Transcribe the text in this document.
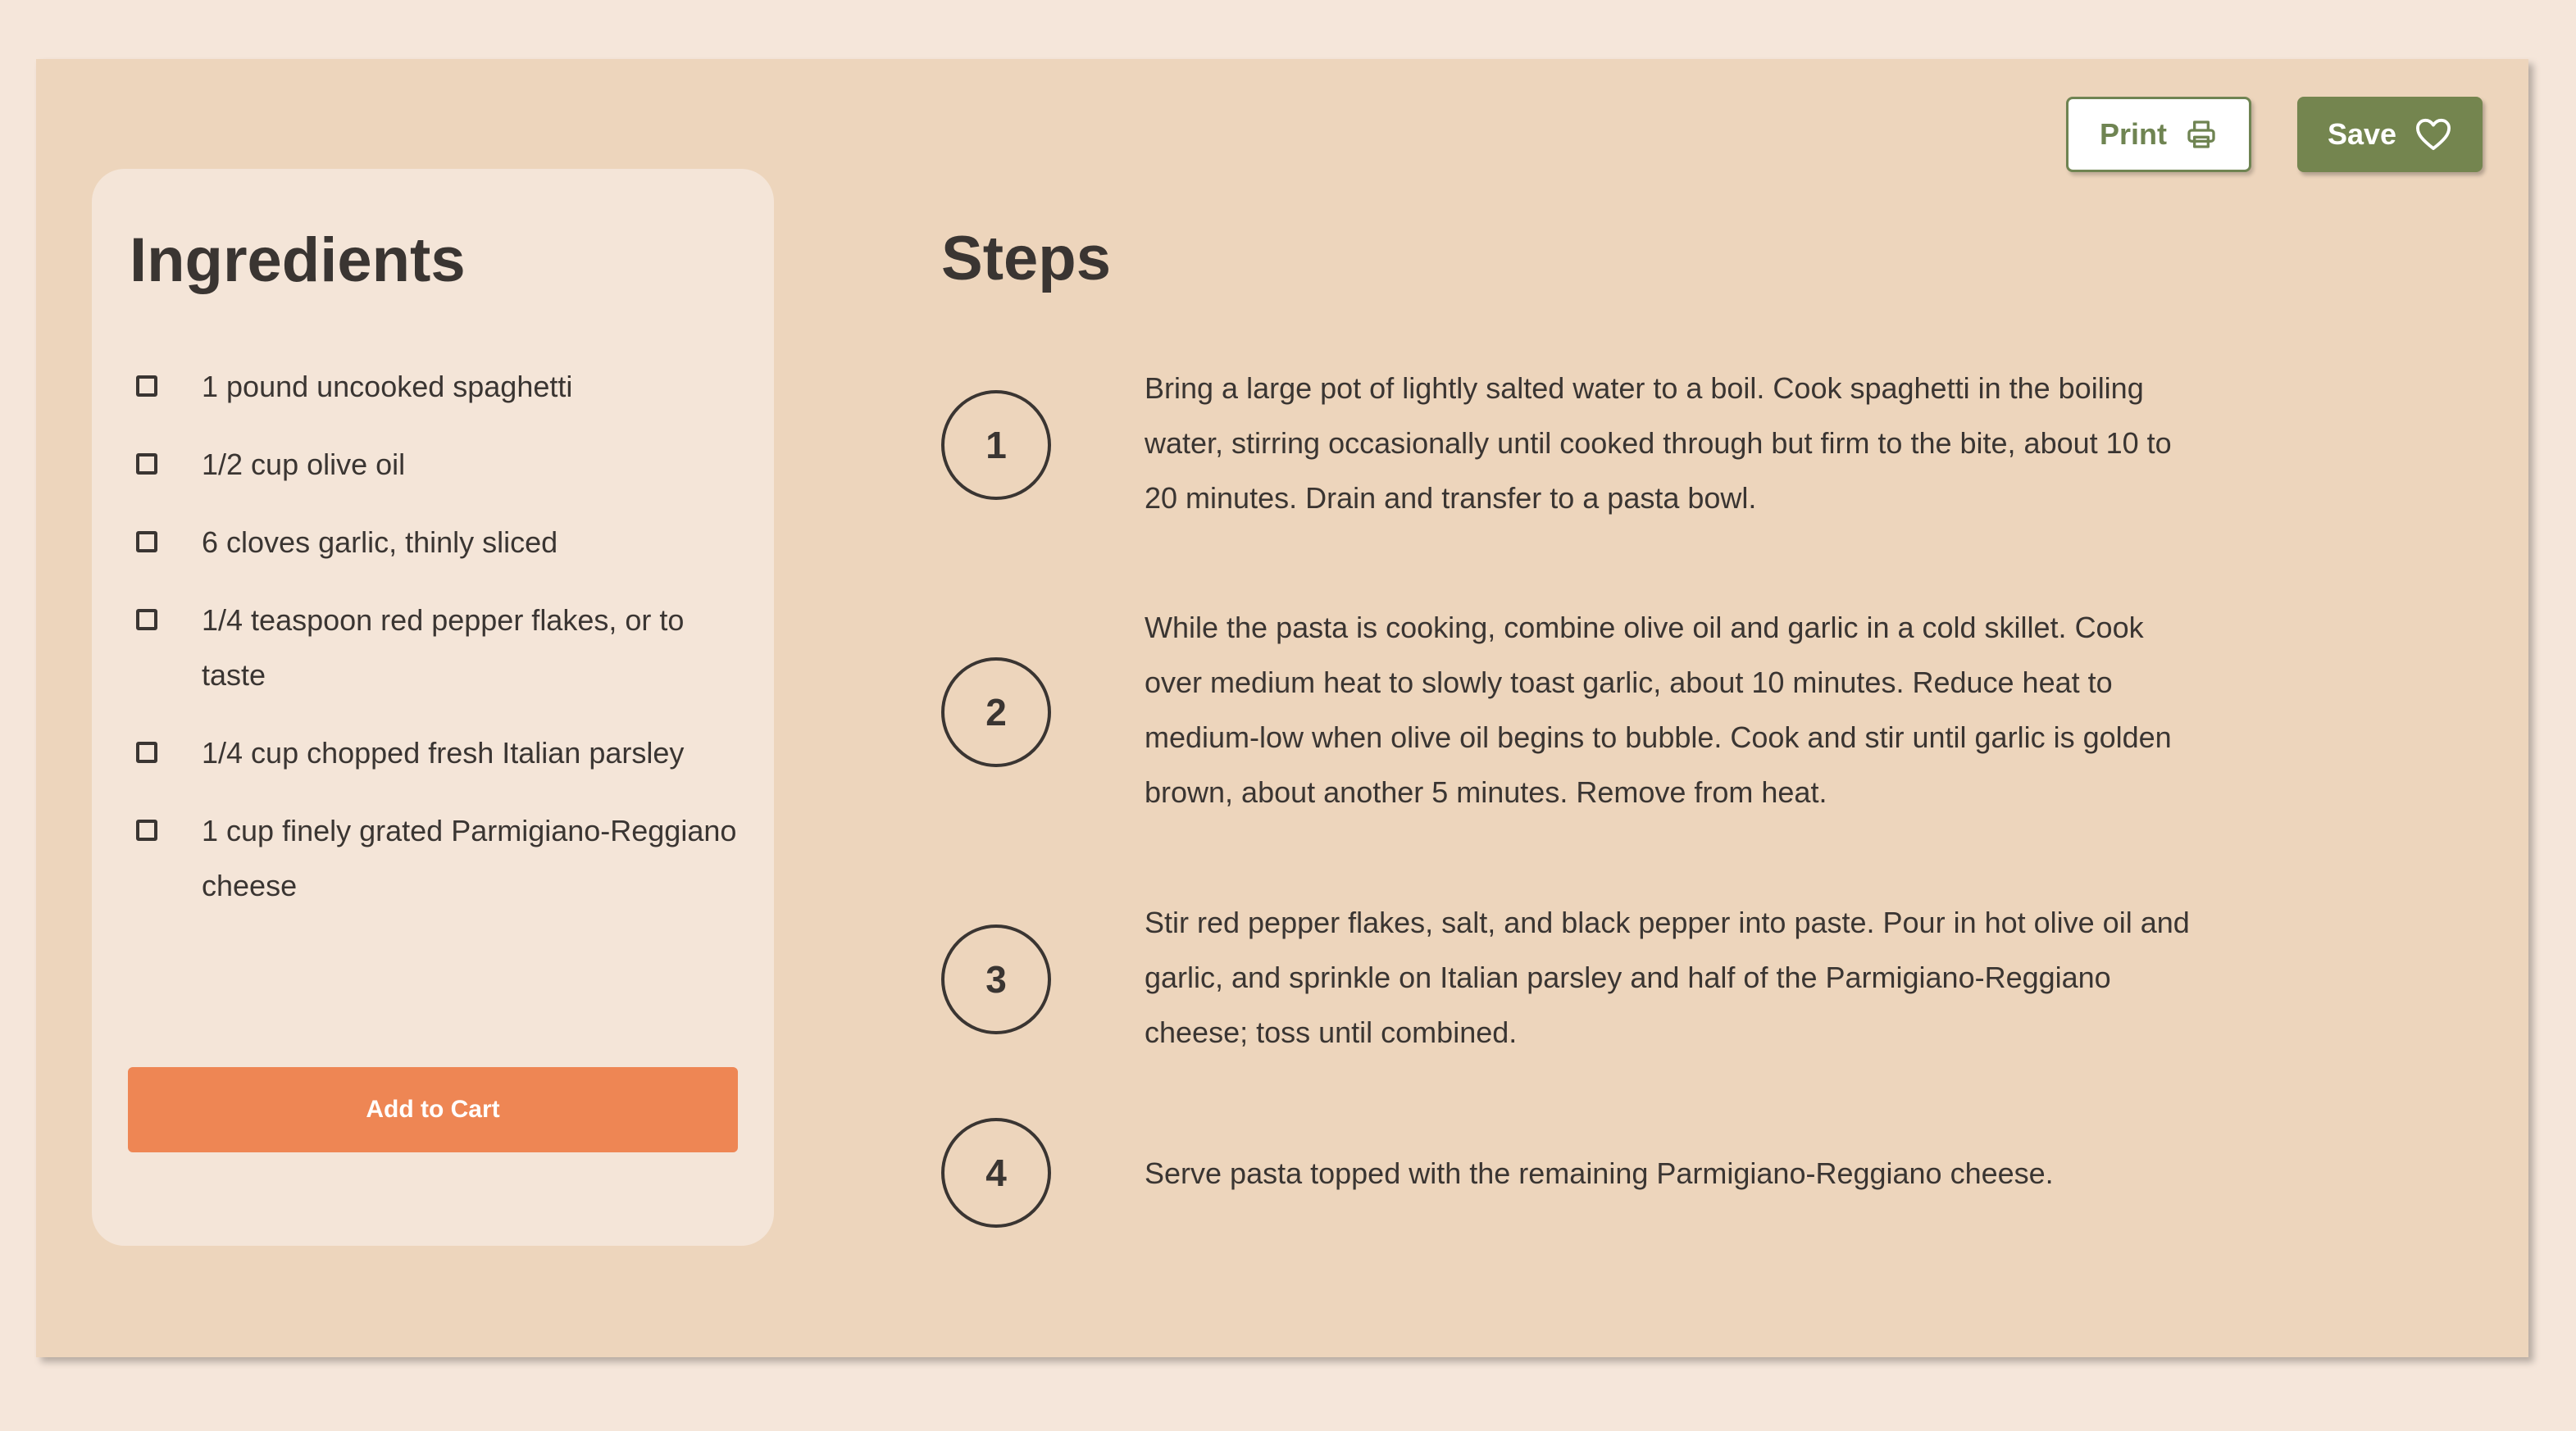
Print	Save
Ingredients
1 pound uncooked spaghetti
1/2 cup olive oil
6 cloves garlic, thinly sliced
1/4 teaspoon red pepper flakes, or to taste
1/4 cup chopped fresh Italian parsley
1 cup finely grated Parmigiano-Reggiano cheese
Add to Cart
Steps
1

Bring a large pot of lightly salted water to a boil. Cook spaghetti in the boiling water, stirring occasionally until cooked through but firm to the bite, about 10 to 20 minutes. Drain and transfer to a pasta bowl.

2

While the pasta is cooking, combine olive oil and garlic in a cold skillet. Cook over medium heat to slowly toast garlic, about 10 minutes. Reduce heat to medium-low when olive oil begins to bubble. Cook and stir until garlic is golden brown, about another 5 minutes. Remove from heat.

3

Stir red pepper flakes, salt, and black pepper into paste. Pour in hot olive oil and garlic, and sprinkle on Italian parsley and half of the Parmigiano-Reggiano cheese; toss until combined.

4	Serve pasta topped with the remaining Parmigiano-Reggiano cheese.
